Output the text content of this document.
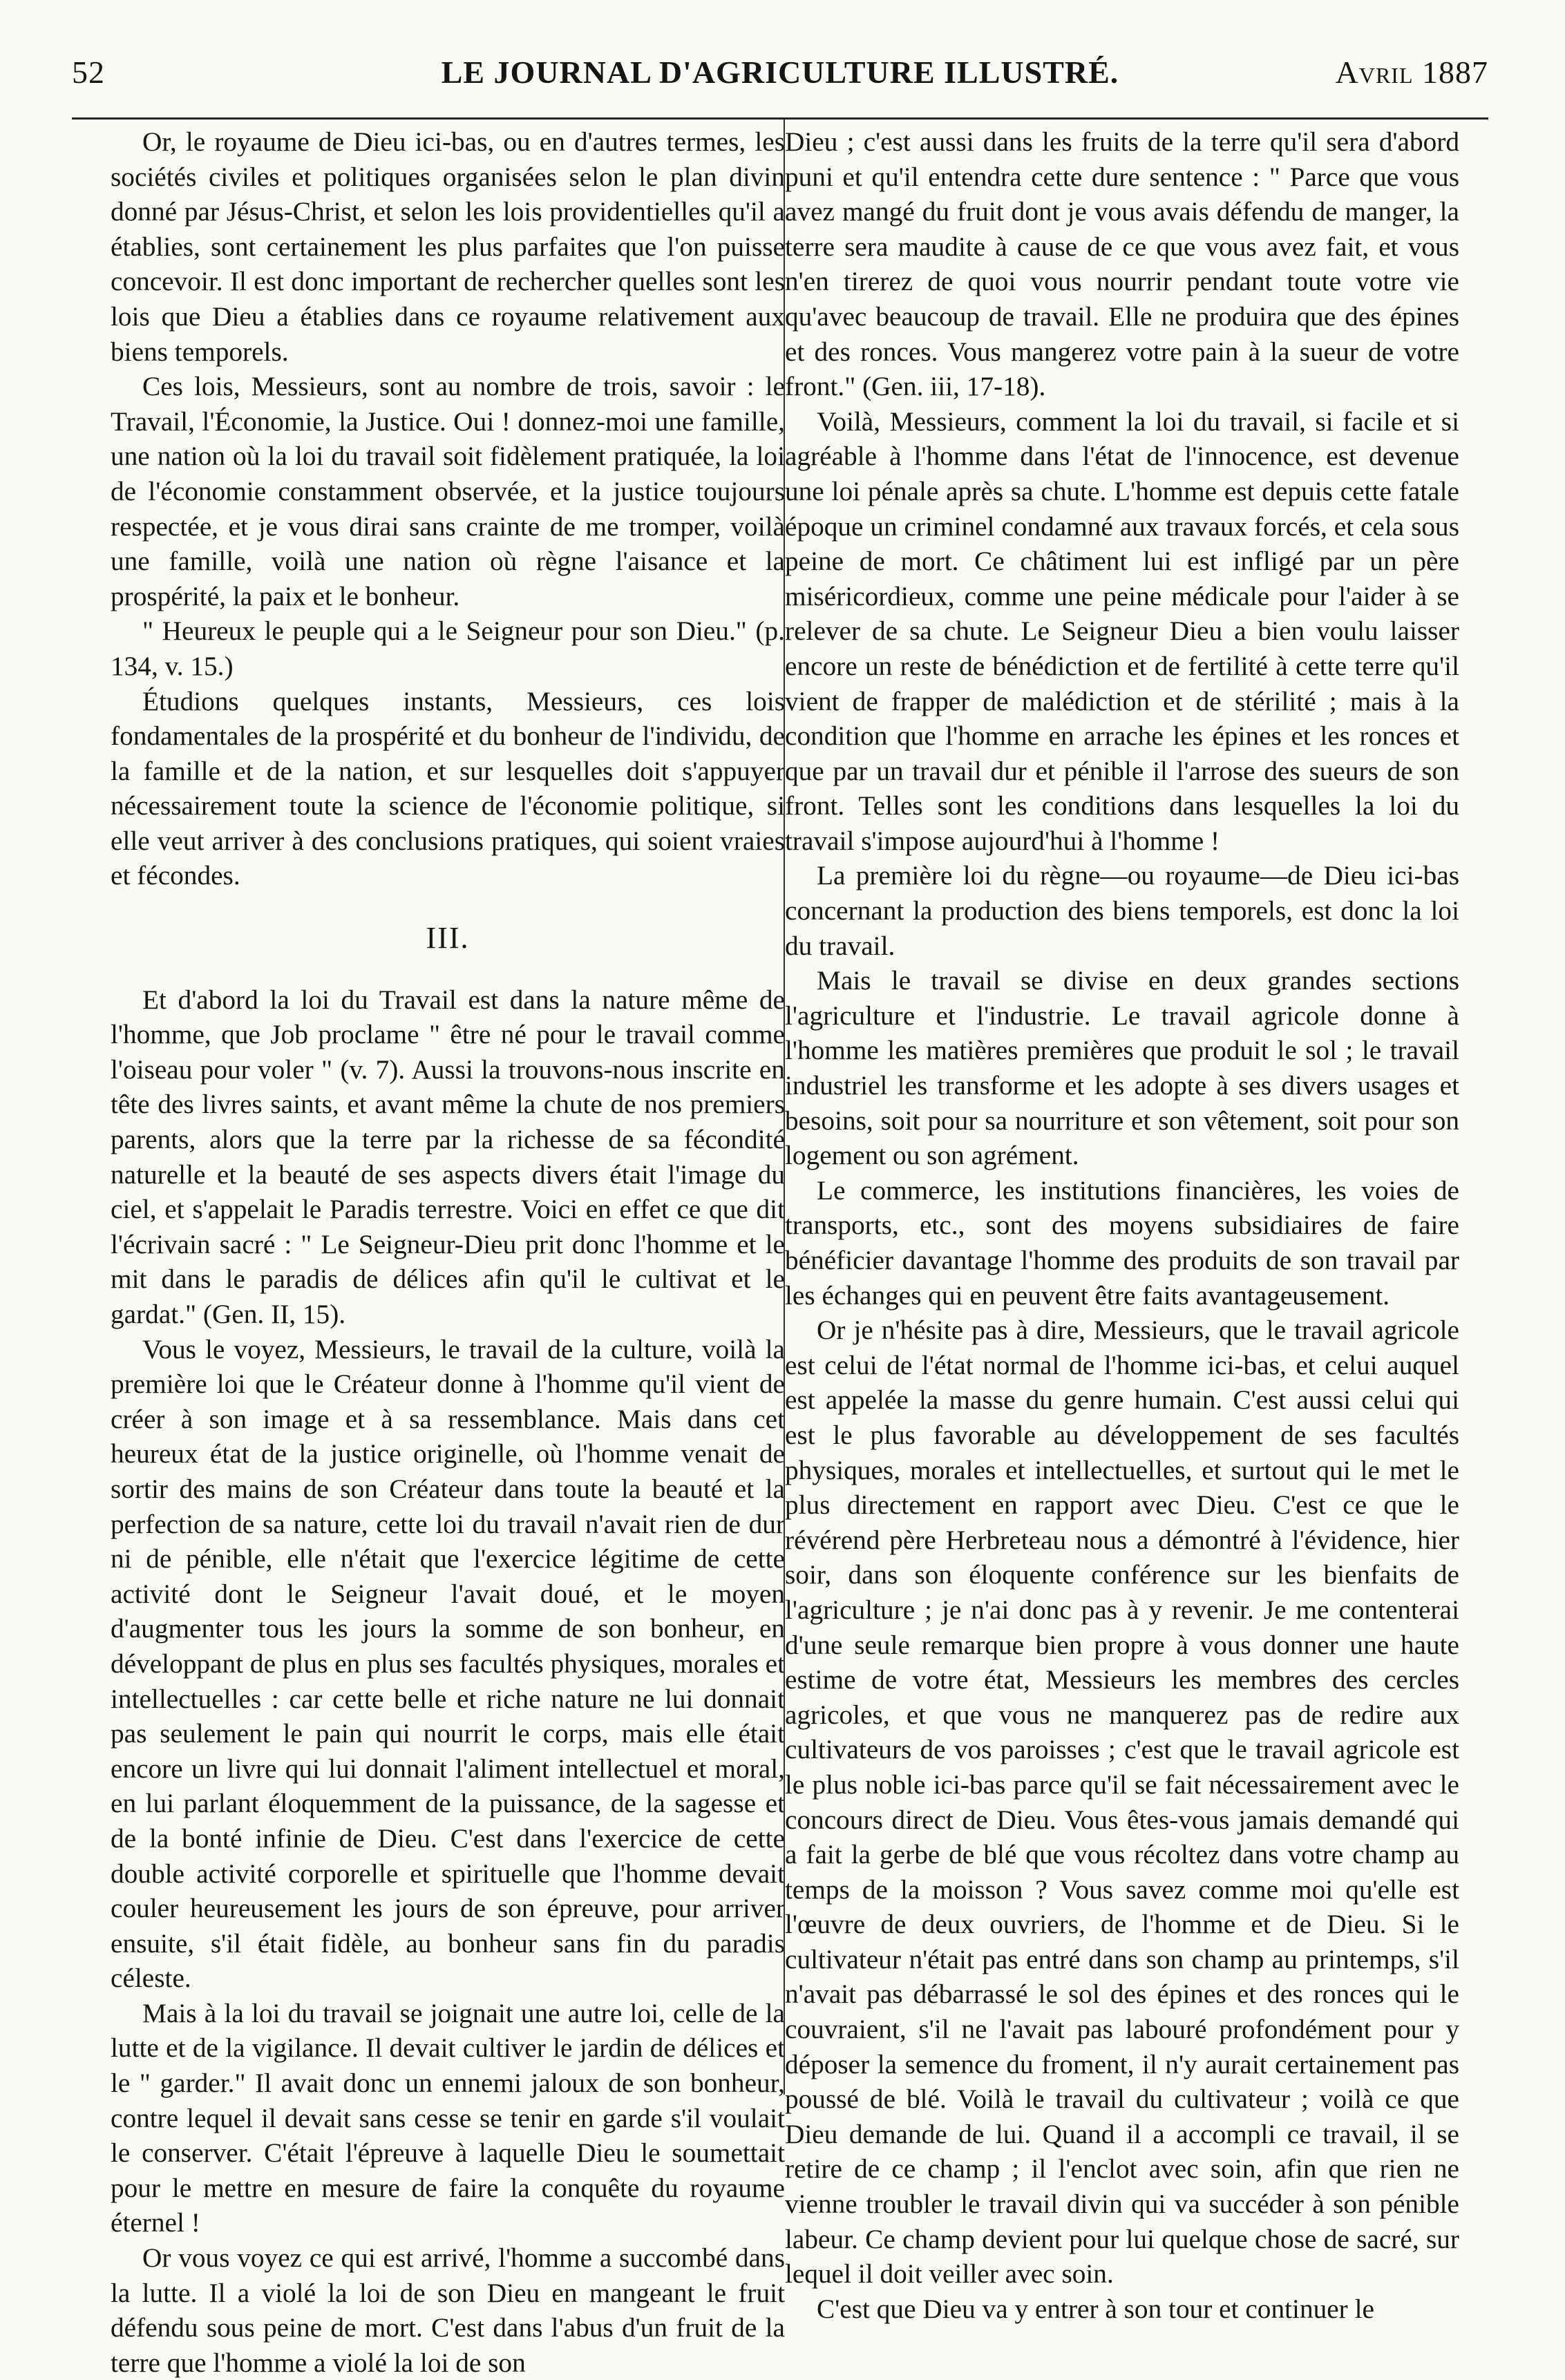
52	LE JOURNAL D'AGRICULTURE ILLUSTRÉ.	Avril 1887

Or, le royaume de Dieu ici-bas, ou en d'autres termes, les sociétés civiles et politiques organisées selon le plan divin donné par Jésus-Christ, et selon les lois providentielles qu'il a établies, sont certainement les plus parfaites que l'on puisse concevoir. Il est donc important de rechercher quelles sont les lois que Dieu a établies dans ce royaume relativement aux biens temporels.

Ces lois, Messieurs, sont au nombre de trois, savoir : le Travail, l'Économie, la Justice. Oui ! donnez-moi une famille, une nation où la loi du travail soit fidèlement pratiquée, la loi de l'économie constamment observée, et la justice toujours respectée, et je vous dirai sans crainte de me tromper, voilà une famille, voilà une nation où règne l'aisance et la prospérité, la paix et le bonheur.

" Heureux le peuple qui a le Seigneur pour son Dieu." (p. 134, v. 15.)

Étudions quelques instants, Messieurs, ces lois fondamentales de la prospérité et du bonheur de l'individu, de la famille et de la nation, et sur lesquelles doit s'appuyer nécessairement toute la science de l'économie politique, si elle veut arriver à des conclusions pratiques, qui soient vraies et fécondes.

III.

Et d'abord la loi du Travail est dans la nature même de l'homme, que Job proclame " être né pour le travail comme l'oiseau pour voler " (v. 7). Aussi la trouvons-nous inscrite en tête des livres saints, et avant même la chute de nos premiers parents, alors que la terre par la richesse de sa fécondité naturelle et la beauté de ses aspects divers était l'image du ciel, et s'appelait le Paradis terrestre. Voici en effet ce que dit l'écrivain sacré : " Le Seigneur-Dieu prit donc l'homme et le mit dans le paradis de délices afin qu'il le cultivat et le gardat." (Gen. II, 15).

Vous le voyez, Messieurs, le travail de la culture, voilà la première loi que le Créateur donne à l'homme qu'il vient de créer à son image et à sa ressemblance. Mais dans cet heureux état de la justice originelle, où l'homme venait de sortir des mains de son Créateur dans toute la beauté et la perfection de sa nature, cette loi du travail n'avait rien de dur ni de pénible, elle n'était que l'exercice légitime de cette activité dont le Seigneur l'avait doué, et le moyen d'augmenter tous les jours la somme de son bonheur, en développant de plus en plus ses facultés physiques, morales et intellectuelles : car cette belle et riche nature ne lui donnait pas seulement le pain qui nourrit le corps, mais elle était encore un livre qui lui donnait l'aliment intellectuel et moral, en lui parlant éloquemment de la puissance, de la sagesse et de la bonté infinie de Dieu. C'est dans l'exercice de cette double activité corporelle et spirituelle que l'homme devait couler heureusement les jours de son épreuve, pour arriver ensuite, s'il était fidèle, au bonheur sans fin du paradis céleste.

Mais à la loi du travail se joignait une autre loi, celle de la lutte et de la vigilance. Il devait cultiver le jardin de délices et le " garder." Il avait donc un ennemi jaloux de son bonheur, contre lequel il devait sans cesse se tenir en garde s'il voulait le conserver. C'était l'épreuve à laquelle Dieu le soumettait pour le mettre en mesure de faire la conquête du royaume éternel !

Or vous voyez ce qui est arrivé, l'homme a succombé dans la lutte. Il a violé la loi de son Dieu en mangeant le fruit défendu sous peine de mort. C'est dans l'abus d'un fruit de la terre que l'homme a violé la loi de son

Dieu ; c'est aussi dans les fruits de la terre qu'il sera d'abord puni et qu'il entendra cette dure sentence : " Parce que vous avez mangé du fruit dont je vous avais défendu de manger, la terre sera maudite à cause de ce que vous avez fait, et vous n'en tirerez de quoi vous nourrir pendant toute votre vie qu'avec beaucoup de travail. Elle ne produira que des épines et des ronces. Vous mangerez votre pain à la sueur de votre front." (Gen. iii, 17-18).

Voilà, Messieurs, comment la loi du travail, si facile et si agréable à l'homme dans l'état de l'innocence, est devenue une loi pénale après sa chute. L'homme est depuis cette fatale époque un criminel condamné aux travaux forcés, et cela sous peine de mort. Ce châtiment lui est infligé par un père miséricordieux, comme une peine médicale pour l'aider à se relever de sa chute. Le Seigneur Dieu a bien voulu laisser encore un reste de bénédiction et de fertilité à cette terre qu'il vient de frapper de malédiction et de stérilité ; mais à la condition que l'homme en arrache les épines et les ronces et que par un travail dur et pénible il l'arrose des sueurs de son front. Telles sont les conditions dans lesquelles la loi du travail s'impose aujourd'hui à l'homme !

La première loi du règne—ou royaume—de Dieu ici-bas concernant la production des biens temporels, est donc la loi du travail.

Mais le travail se divise en deux grandes sections l'agriculture et l'industrie. Le travail agricole donne à l'homme les matières premières que produit le sol ; le travail industriel les transforme et les adopte à ses divers usages et besoins, soit pour sa nourriture et son vêtement, soit pour son logement ou son agrément.

Le commerce, les institutions financières, les voies de transports, etc., sont des moyens subsidiaires de faire bénéficier davantage l'homme des produits de son travail par les échanges qui en peuvent être faits avantageusement.

Or je n'hésite pas à dire, Messieurs, que le travail agricole est celui de l'état normal de l'homme ici-bas, et celui auquel est appelée la masse du genre humain. C'est aussi celui qui est le plus favorable au développement de ses facultés physiques, morales et intellectuelles, et surtout qui le met le plus directement en rapport avec Dieu. C'est ce que le révérend père Herbreteau nous a démontré à l'évidence, hier soir, dans son éloquente conférence sur les bienfaits de l'agriculture ; je n'ai donc pas à y revenir. Je me contenterai d'une seule remarque bien propre à vous donner une haute estime de votre état, Messieurs les membres des cercles agricoles, et que vous ne manquerez pas de redire aux cultivateurs de vos paroisses ; c'est que le travail agricole est le plus noble ici-bas parce qu'il se fait nécessairement avec le concours direct de Dieu. Vous êtes-vous jamais demandé qui a fait la gerbe de blé que vous récoltez dans votre champ au temps de la moisson ? Vous savez comme moi qu'elle est l'œuvre de deux ouvriers, de l'homme et de Dieu. Si le cultivateur n'était pas entré dans son champ au printemps, s'il n'avait pas débarrassé le sol des épines et des ronces qui le couvraient, s'il ne l'avait pas labouré profondément pour y déposer la semence du froment, il n'y aurait certainement pas poussé de blé. Voilà le travail du cultivateur ; voilà ce que Dieu demande de lui. Quand il a accompli ce travail, il se retire de ce champ ; il l'enclot avec soin, afin que rien ne vienne troubler le travail divin qui va succéder à son pénible labeur. Ce champ devient pour lui quelque chose de sacré, sur lequel il doit veiller avec soin.

C'est que Dieu va y entrer à son tour et continuer le
